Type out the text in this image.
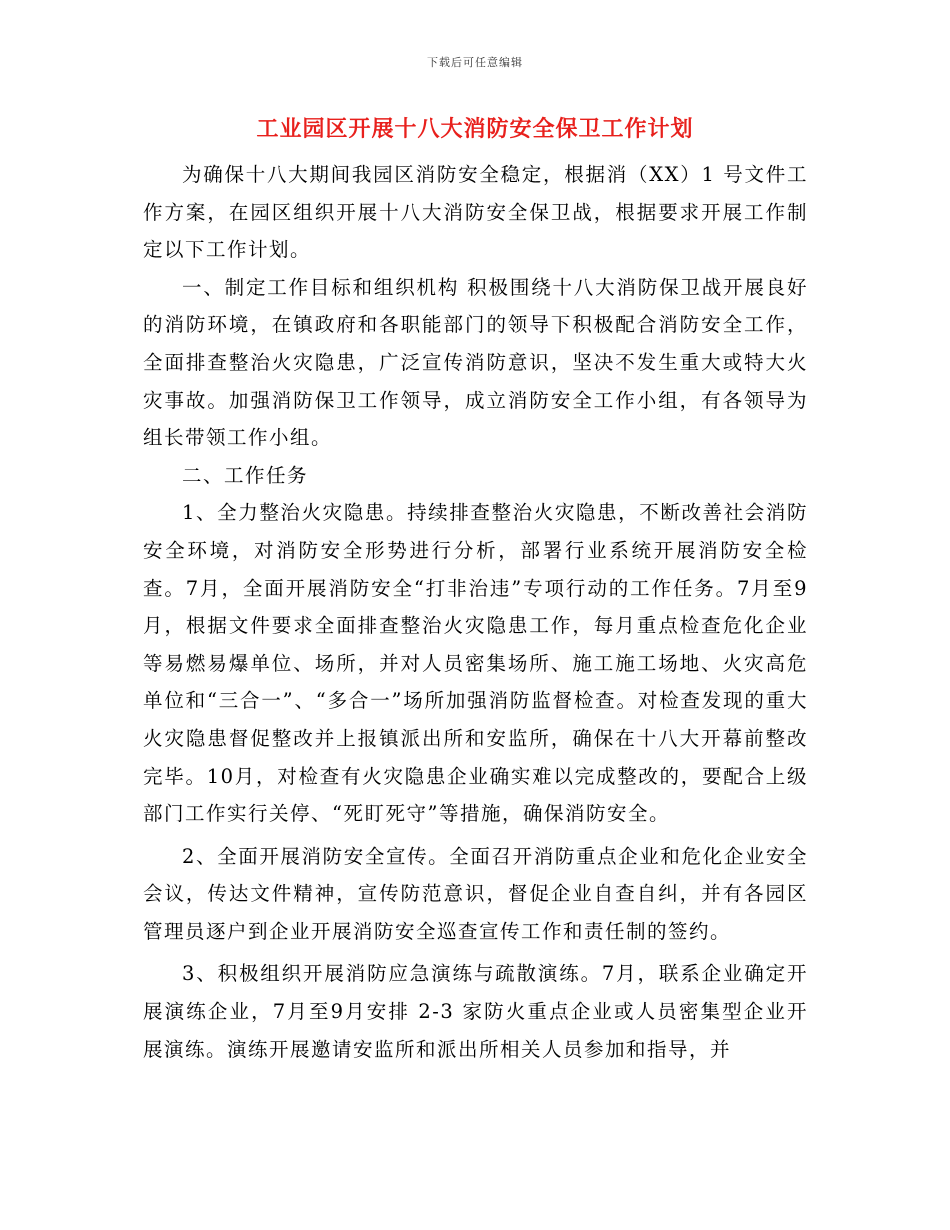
下载后可任意编辑
工业园区开展十八大消防安全保卫工作计划

为确保十八大期间我园区消防安全稳定，根据消（XX）1 号文件工作方案，在园区组织开展十八大消防安全保卫战，根据要求开展工作制定以下工作计划。

一、制定工作目标和组织机构 积极围绕十八大消防保卫战开展良好的消防环境，在镇政府和各职能部门的领导下积极配合消防安全工作，全面排查整治火灾隐患，广泛宣传消防意识，坚决不发生重大或特大火灾事故。加强消防保卫工作领导，成立消防安全工作小组，有各领导为组长带领工作小组。

二、工作任务

1、全力整治火灾隐患。持续排查整治火灾隐患，不断改善社会消防安全环境，对消防安全形势进行分析，部署行业系统开展消防安全检查。7月，全面开展消防安全“打非治违”专项行动的工作任务。7月至9月，根据文件要求全面排查整治火灾隐患工作，每月重点检查危化企业等易燃易爆单位、场所，并对人员密集场所、施工施工场地、火灾高危单位和“三合一”、“多合一”场所加强消防监督检查。对检查发现的重大火灾隐患督促整改并上报镇派出所和安监所，确保在十八大开幕前整改完毕。10月，对检查有火灾隐患企业确实难以完成整改的，要配合上级部门工作实行关停、“死盯死守”等措施，确保消防安全。

2、全面开展消防安全宣传。全面召开消防重点企业和危化企业安全会议，传达文件精神，宣传防范意识，督促企业自查自纠，并有各园区管理员逐户到企业开展消防安全巡查宣传工作和责任制的签约。

3、积极组织开展消防应急演练与疏散演练。7月，联系企业确定开展演练企业，7月至9月安排 2-3 家防火重点企业或人员密集型企业开展演练。演练开展邀请安监所和派出所相关人员参加和指导，并
